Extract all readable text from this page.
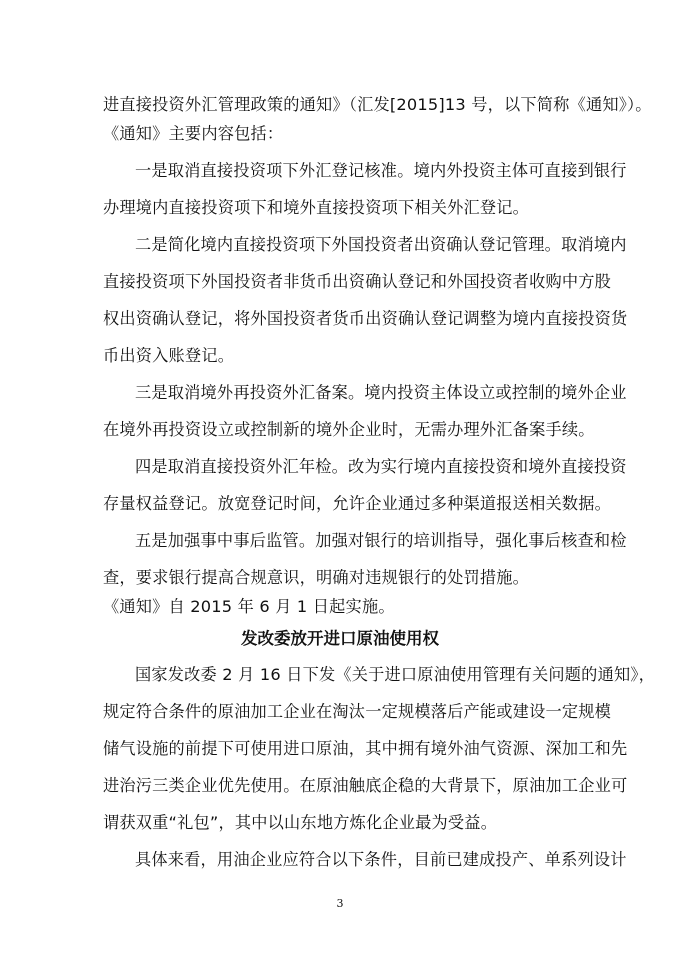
进直接投资外汇管理政策的通知》（汇发[2015]13 号，以下简称《通知》）。
《通知》主要内容包括：
一是取消直接投资项下外汇登记核准。境内外投资主体可直接到银行
办理境内直接投资项下和境外直接投资项下相关外汇登记。
二是简化境内直接投资项下外国投资者出资确认登记管理。取消境内
直接投资项下外国投资者非货币出资确认登记和外国投资者收购中方股
权出资确认登记，将外国投资者货币出资确认登记调整为境内直接投资货
币出资入账登记。
三是取消境外再投资外汇备案。境内投资主体设立或控制的境外企业
在境外再投资设立或控制新的境外企业时，无需办理外汇备案手续。
四是取消直接投资外汇年检。改为实行境内直接投资和境外直接投资
存量权益登记。放宽登记时间，允许企业通过多种渠道报送相关数据。
五是加强事中事后监管。加强对银行的培训指导，强化事后核查和检
查，要求银行提高合规意识，明确对违规银行的处罚措施。
《通知》自 2015 年 6 月 1 日起实施。
发改委放开进口原油使用权
国家发改委 2 月 16 日下发《关于进口原油使用管理有关问题的通知》，
规定符合条件的原油加工企业在淘汰一定规模落后产能或建设一定规模
储气设施的前提下可使用进口原油，其中拥有境外油气资源、深加工和先
进治污三类企业优先使用。在原油触底企稳的大背景下，原油加工企业可
谓获双重“礼包”，其中以山东地方炼化企业最为受益。
具体来看，用油企业应符合以下条件，目前已建成投产、单系列设计
3
